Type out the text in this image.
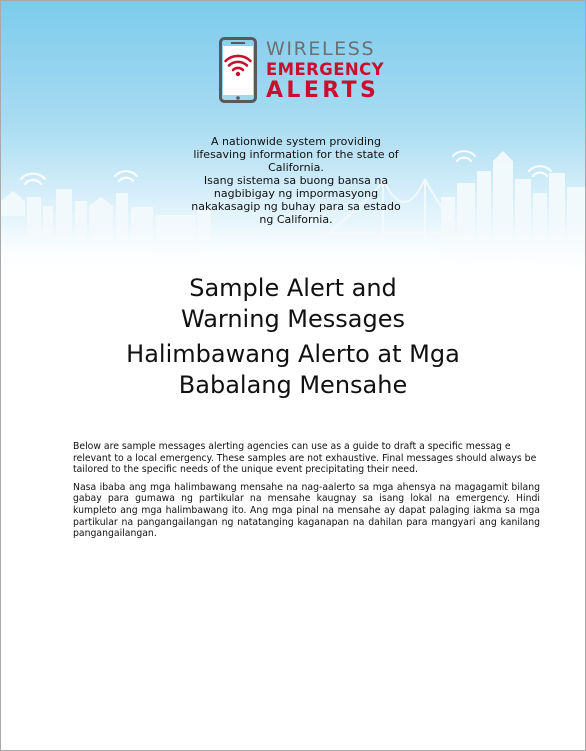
WIRELESS
EMERGENCY
ALERTS

A nationwide system providing lifesaving information for the state of California.

Isang sistema sa buong bansa na nagbibigay ng impormasyong nakakasagip ng buhay para sa estado ng California.

Sample Alert and
Warning Messages

Halimbawang Alerto at Mga
Babalang Mensahe

Below are sample messages alerting agencies can use as a guide to draft a specific messag e relevant to a local emergency. These samples are not exhaustive. Final messages should always be tailored to the specific needs of the unique event precipitating their need.

Nasa ibaba ang mga halimbawang mensahe na nag-aalerto sa mga ahensya na magagamit bilang gabay para gumawa ng partikular na mensahe kaugnay sa isang lokal na emergency. Hindi kumpleto ang mga halimbawang ito. Ang mga pinal na mensahe ay dapat palaging iakma sa mga partikular na pangangailangan ng natatanging kaganapan na dahilan para mangyari ang kanilang pangangailangan.
